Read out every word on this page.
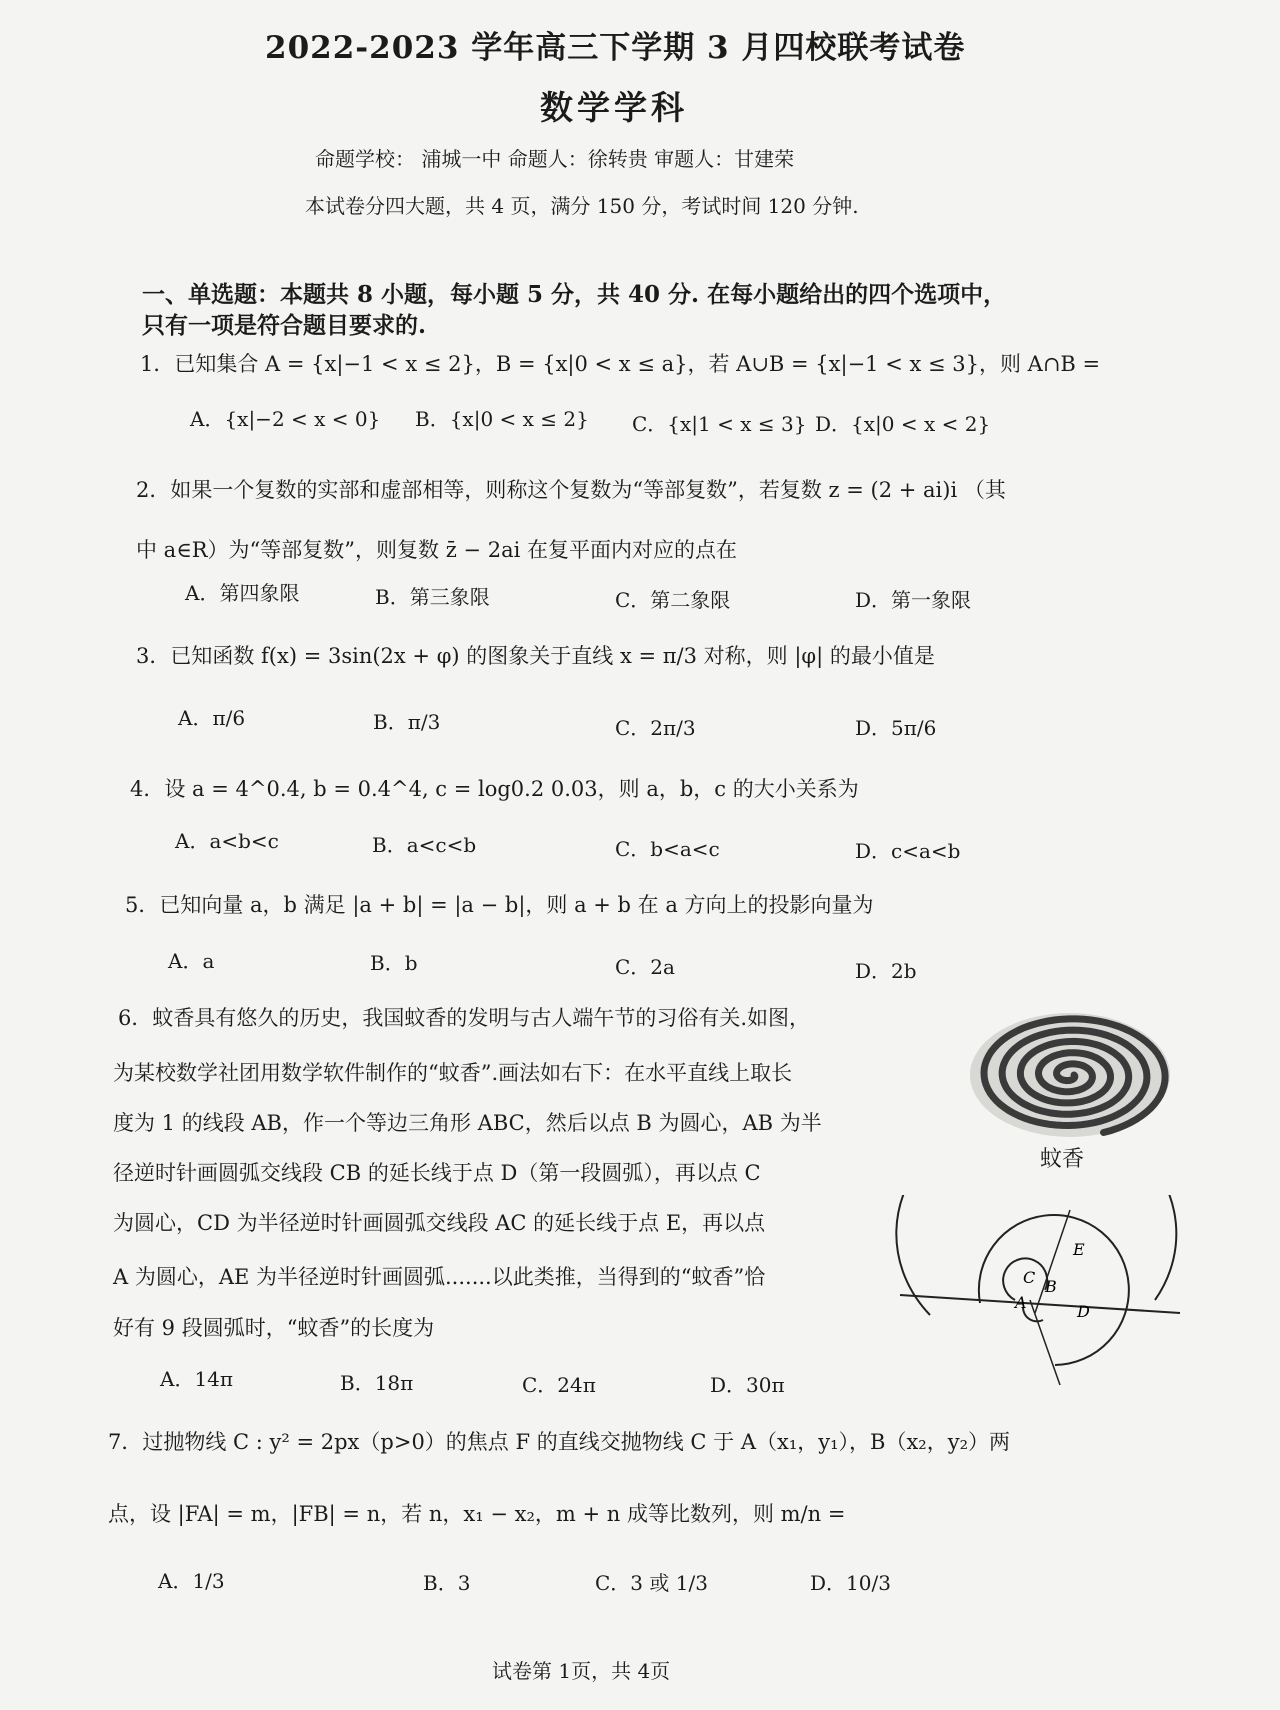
2022-2023 学年高三下学期 3 月四校联考试卷
数学学科
命题学校： 浦城一中 命题人：徐转贵 审题人：甘建荣
本试卷分四大题，共 4 页，满分 150 分，考试时间 120 分钟.
一、单选题：本题共 8 小题，每小题 5 分，共 40 分. 在每小题给出的四个选项中，
只有一项是符合题目要求的.
1．已知集合 A = {x|−1 < x ≤ 2}，B = {x|0 < x ≤ a}，若 A∪B = {x|−1 < x ≤ 3}，则 A∩B =
A．{x|−2 < x < 0} B．{x|0 < x ≤ 2} C．{x|1 < x ≤ 3} D．{x|0 < x < 2}
2．如果一个复数的实部和虚部相等，则称这个复数为“等部复数”，若复数 z = (2 + ai)i （其
中 a∈R）为“等部复数”，则复数 z̄ − 2ai 在复平面内对应的点在
A．第四象限	B．第三象限	C．第二象限	D．第一象限
3．已知函数 f(x) = 3sin(2x + φ) 的图象关于直线 x = π/3 对称，则 |φ| 的最小值是
A．π/6	B．π/3	C．2π/3	D．5π/6
4．设 a = 4^0.4, b = 0.4^4, c = log0.2 0.03，则 a，b，c 的大小关系为
A．a<b<c	B．a<c<b	C．b<a<c	D．c<a<b
5．已知向量 a，b 满足 |a + b| = |a − b|，则 a + b 在 a 方向上的投影向量为
A．a	B．b	C．2a	D．2b
6．蚊香具有悠久的历史，我国蚊香的发明与古人端午节的习俗有关.如图，
为某校数学社团用数学软件制作的“蚊香”.画法如右下：在水平直线上取长
度为 1 的线段 AB，作一个等边三角形 ABC，然后以点 B 为圆心，AB 为半
径逆时针画圆弧交线段 CB 的延长线于点 D（第一段圆弧），再以点 C
为圆心，CD 为半径逆时针画圆弧交线段 AC 的延长线于点 E，再以点
A 为圆心，AE 为半径逆时针画圆弧.......以此类推，当得到的“蚊香”恰
好有 9 段圆弧时，“蚊香”的长度为
A．14π	B．18π	C．24π	D．30π
蚊香
E
C B
A	D
7．过抛物线 C : y² = 2px（p>0）的焦点 F 的直线交抛物线 C 于 A（x₁，y₁），B（x₂，y₂）两
点，设 |FA| = m，|FB| = n，若 n，x₁ − x₂，m + n 成等比数列，则 m/n =
A．1/3	B．3	C．3 或 1/3	D．10/3
试卷第 1页，共 4页
